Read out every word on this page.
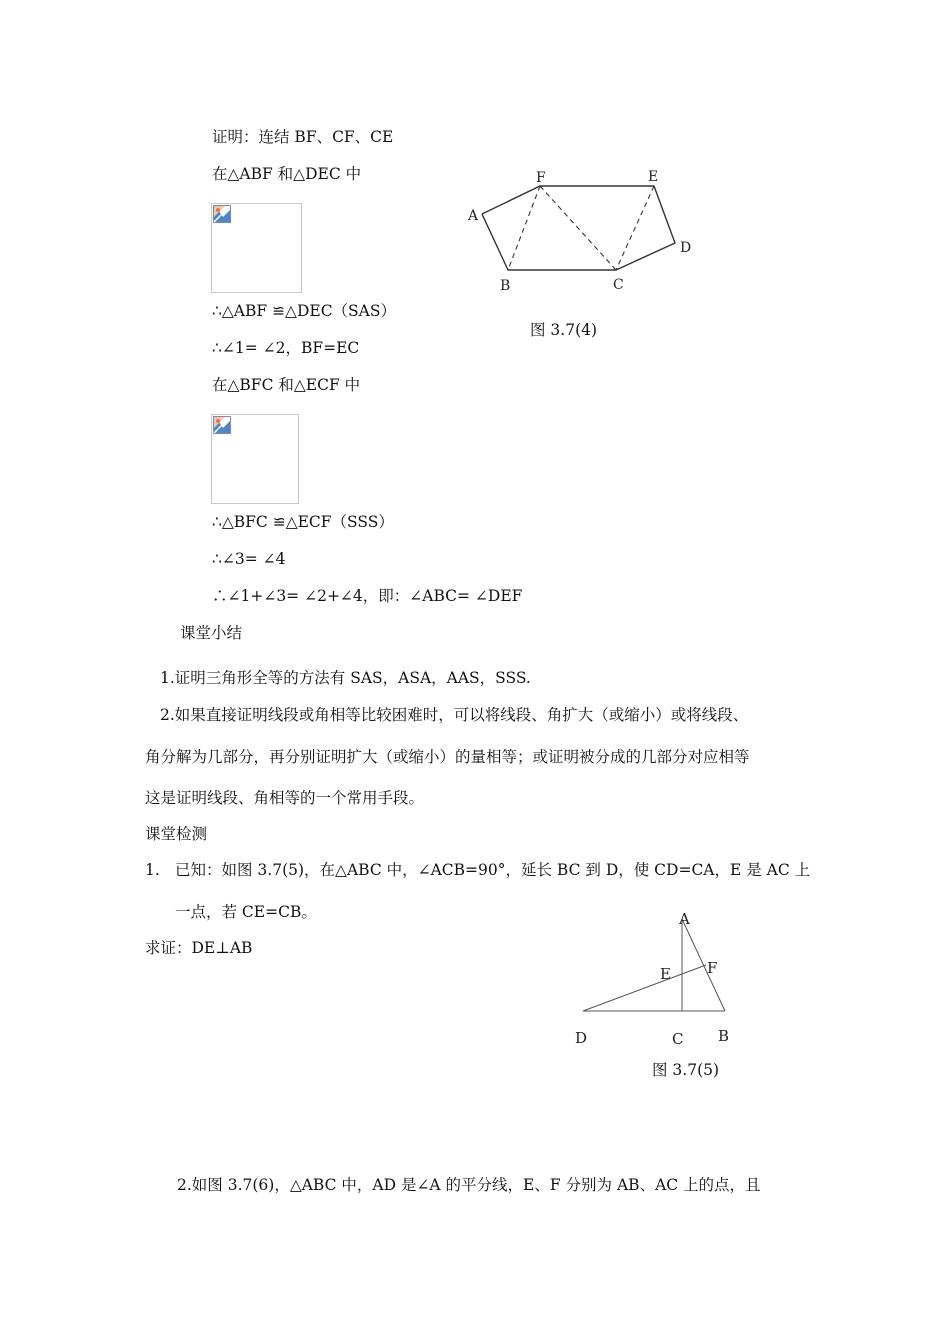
证明：连结 BF、CF、CE
在△ABF 和△DEC 中
∴△ABF ≌△DEC（SAS）
∴∠1= ∠2，BF=EC
在△BFC 和△ECF 中
∴△BFC ≌△ECF（SSS）
∴∠3= ∠4
∴∠1+∠3= ∠2+∠4，即：∠ABC= ∠DEF
A
F	E
D
B	C
图 3.7(4)
课堂小结
1.证明三角形全等的方法有 SAS，ASA，AAS，SSS.
2.如果直接证明线段或角相等比较困难时，可以将线段、角扩大（或缩小）或将线段、
角分解为几部分，再分别证明扩大（或缩小）的量相等；或证明被分成的几部分对应相等
这是证明线段、角相等的一个常用手段。
课堂检测
1. 已知：如图 3.7(5)，在△ABC 中，∠ACB=90°，延长 BC 到 D，使 CD=CA，E 是 AC 上
一点，若 CE=CB。
求证：DE⊥AB
A
E F
D	C B
图 3.7(5)
2.如图 3.7(6)，△ABC 中，AD 是∠A 的平分线，E、F 分别为 AB、AC 上的点，且
